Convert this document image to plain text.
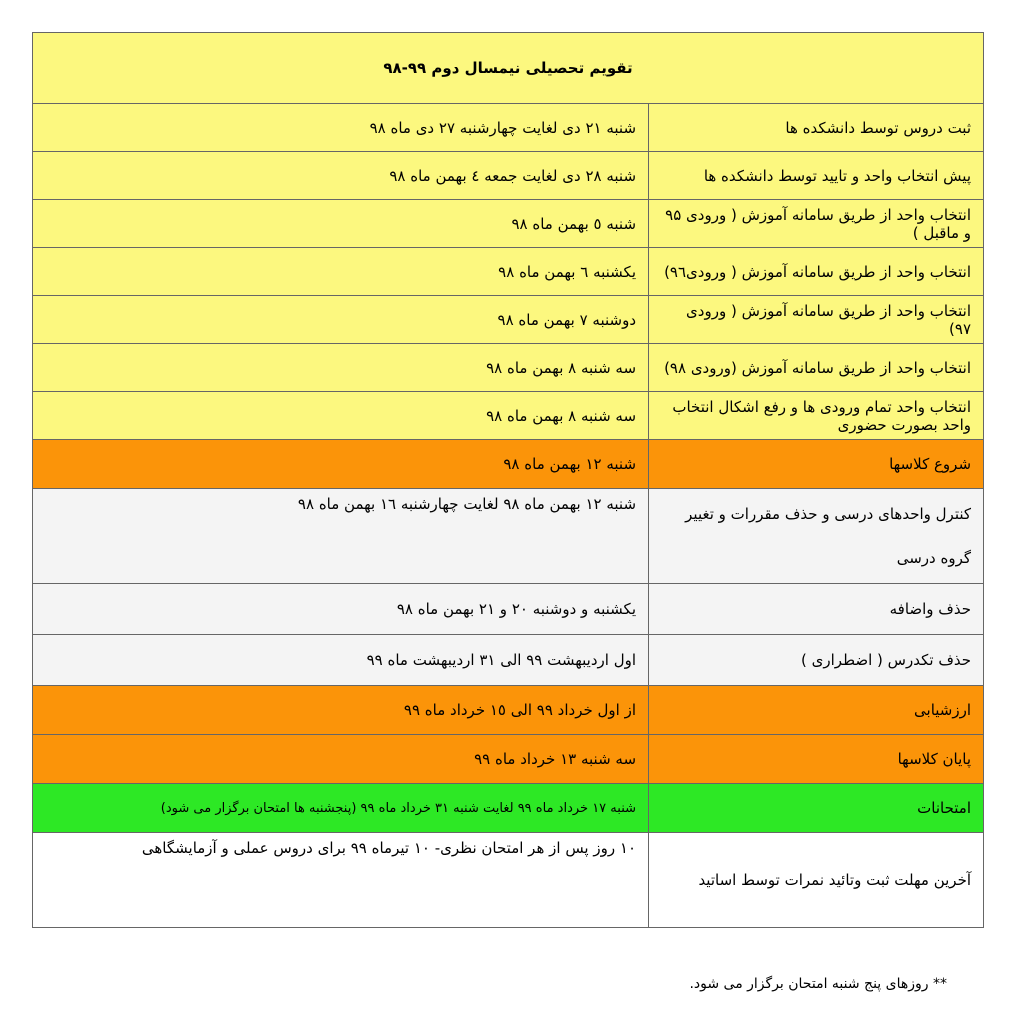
تقویم تحصیلی نیمسال دوم ۹۹-۹۸	
ثبت دروس توسط دانشکده ها	شنبه ۲۱ دی لغایت چهارشنبه ۲۷ دی ماه ۹۸
پیش انتخاب واحد و تایید توسط دانشکده ها	شنبه ۲۸ دی لغایت جمعه ٤ بهمن ماه ۹۸
انتخاب واحد از طریق سامانه آموزش ( ورودی ۹۵ و ماقبل )	شنبه ٥ بهمن ماه ۹۸
انتخاب واحد از طریق سامانه آموزش ( ورودی۹٦)	یکشنبه ٦ بهمن ماه ۹۸
انتخاب واحد از طریق سامانه آموزش ( ورودی ۹۷)	دوشنبه ۷ بهمن ماه ۹۸
انتخاب واحد از طریق سامانه آموزش (ورودی ۹۸)	سه شنبه ۸ بهمن ماه ۹۸
انتخاب واحد تمام ورودی ها و رفع اشکال انتخاب واحد بصورت حضوری	سه شنبه ۸ بهمن ماه ۹۸
شروع کلاسها	شنبه ۱۲ بهمن ماه ۹۸
کنترل واحدهای درسی و حذف مقررات و تغییر گروه درسی	شنبه ۱۲ بهمن ماه ۹۸ لغایت چهارشنبه ۱٦ بهمن ماه ۹۸
حذف واضافه	یکشنبه و دوشنبه ۲۰ و ۲۱ بهمن ماه ۹۸
حذف تکدرس ( اضطراری )	اول اردیبهشت ۹۹ الی ۳۱ اردیبهشت ماه ۹۹
ارزشیابی	از اول خرداد ۹۹ الی ۱٥ خرداد ماه ۹۹
پایان کلاسها	سه شنبه ۱۳ خرداد ماه ۹۹
امتحانات	شنبه ۱۷ خرداد ماه ۹۹ لغایت شنبه ۳۱ خرداد ماه ۹۹ (پنجشنبه ها امتحان برگزار می شود)
آخرین مهلت ثبت وتائید نمرات توسط اساتید	۱۰ روز پس از هر امتحان نظری- ۱۰ تیرماه ۹۹ برای دروس عملی و آزمایشگاهی
** روزهای پنج شنبه امتحان برگزار می شود.
